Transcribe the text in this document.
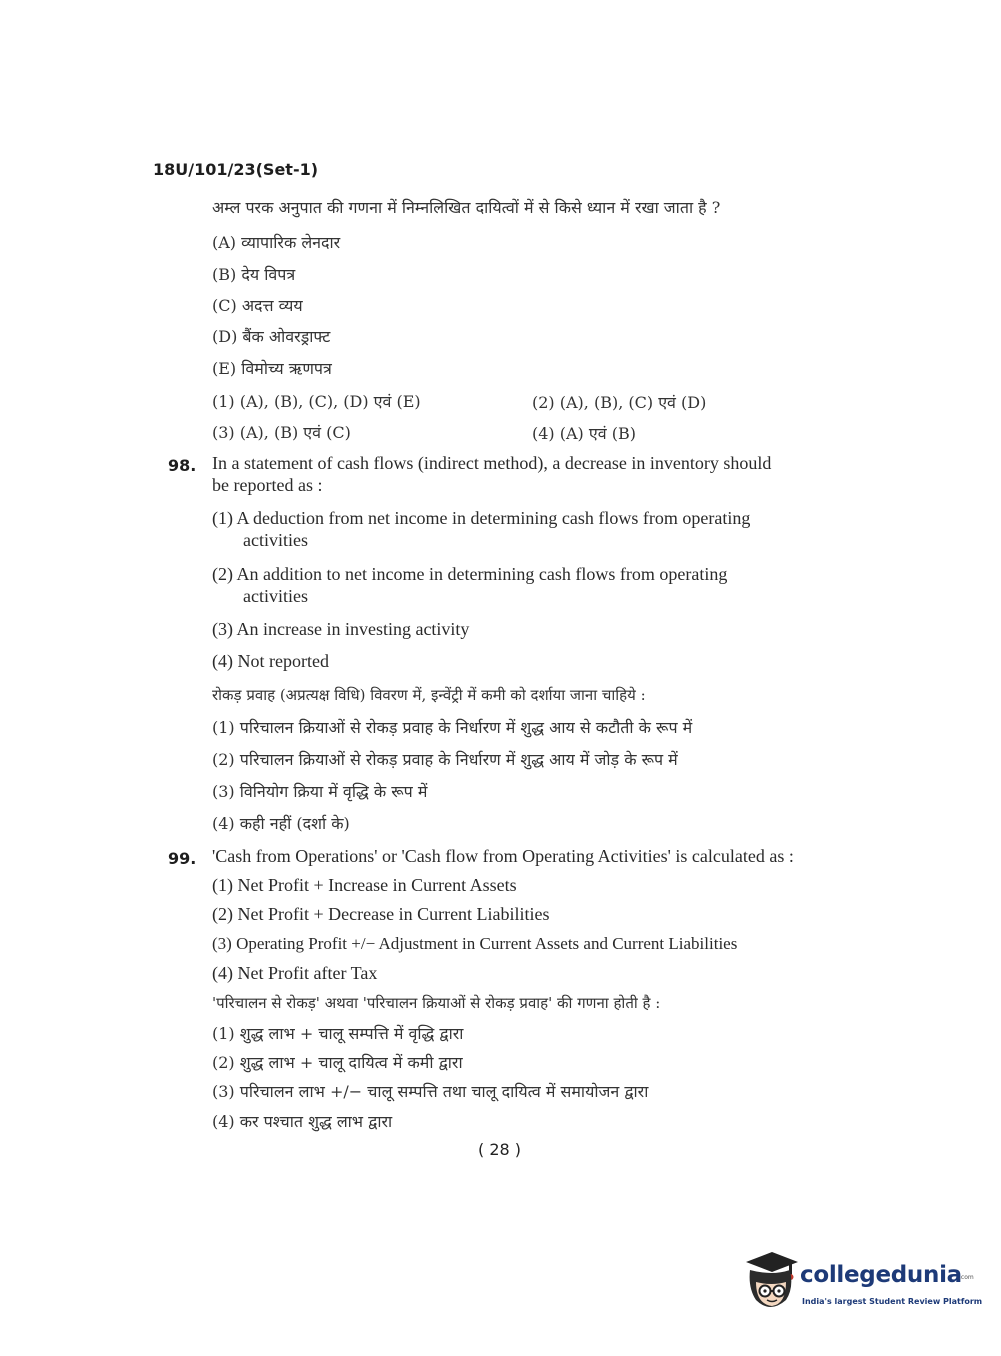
18U/101/23(Set-1)
अम्ल परक अनुपात की गणना में निम्नलिखित दायित्वों में से किसे ध्यान में रखा जाता है ?
(A) व्यापारिक लेनदार
(B) देय विपत्र
(C) अदत्त व्यय
(D) बैंक ओवरड्राफ्ट
(E) विमोच्य ऋणपत्र
(1) (A), (B), (C), (D) एवं (E)	(2) (A), (B), (C) एवं (D)
(3) (A), (B) एवं (C)	(4) (A) एवं (B)
98. In a statement of cash flows (indirect method), a decrease in inventory should
be reported as :
(1) A deduction from net income in determining cash flows from operating
activities
(2) An addition to net income in determining cash flows from operating
activities
(3) An increase in investing activity
(4) Not reported
रोकड़ प्रवाह (अप्रत्यक्ष विधि) विवरण में, इन्वेंट्री में कमी को दर्शाया जाना चाहिये :
(1) परिचालन क्रियाओं से रोकड़ प्रवाह के निर्धारण में शुद्ध आय से कटौती के रूप में
(2) परिचालन क्रियाओं से रोकड़ प्रवाह के निर्धारण में शुद्ध आय में जोड़ के रूप में
(3) विनियोग क्रिया में वृद्धि के रूप में
(4) कही नहीं (दर्शा के)
99. 'Cash from Operations' or 'Cash flow from Operating Activities' is calculated as :
(1) Net Profit + Increase in Current Assets
(2) Net Profit + Decrease in Current Liabilities
(3) Operating Profit +/− Adjustment in Current Assets and Current Liabilities
(4) Net Profit after Tax
'परिचालन से रोकड़' अथवा 'परिचालन क्रियाओं से रोकड़ प्रवाह' की गणना होती है :
(1) शुद्ध लाभ + चालू सम्पत्ति में वृद्धि द्वारा
(2) शुद्ध लाभ + चालू दायित्व में कमी द्वारा
(3) परिचालन लाभ +/− चालू सम्पत्ति तथा चालू दायित्व में समायोजन द्वारा
(4) कर पश्चात शुद्ध लाभ द्वारा
( 28 )
collegedunia
.com
India's largest Student Review Platform
